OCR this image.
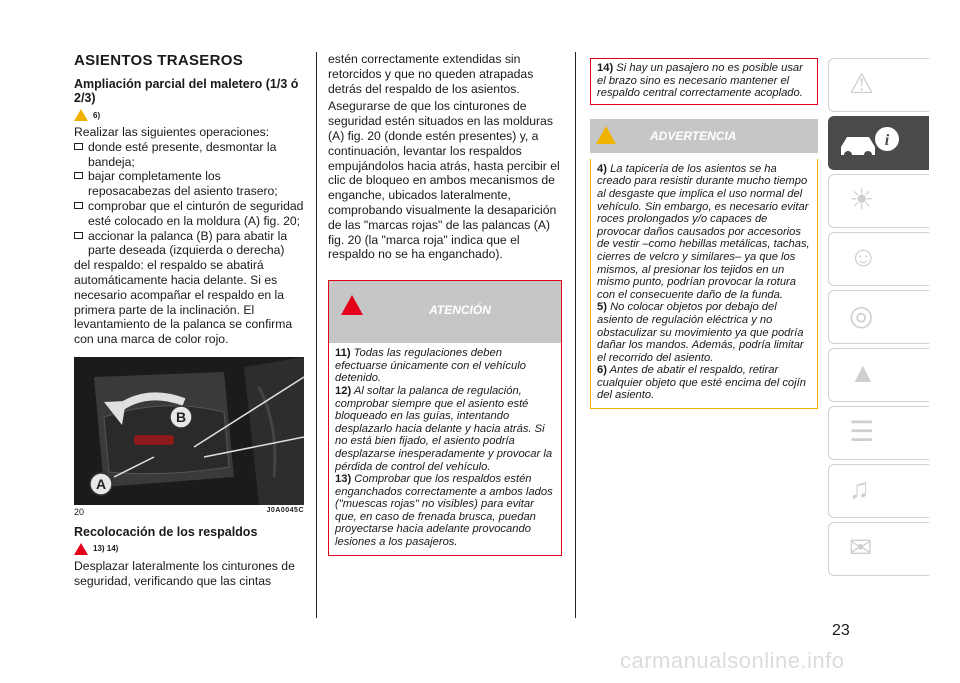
ASIENTOS TRASEROS
Ampliación parcial del maletero (1/3 ó 2/3)
6)

Realizar las siguientes operaciones:

donde esté presente, desmontar la bandeja;
bajar completamente los reposacabezas del asiento trasero;
comprobar que el cinturón de seguridad esté colocado en la moldura (A) fig. 20;
accionar la palanca (B) para abatir la parte deseada (izquierda o derecha)

del respaldo: el respaldo se abatirá automáticamente hacia delante. Si es necesario acompañar el respaldo en la primera parte de la inclinación. El levantamiento de la palanca se confirma con una marca de color rojo.

B
A
20	J0A0045C
Recolocación de los respaldos
13) 14)

Desplazar lateralmente los cinturones de seguridad, verificando que las cintas

estén correctamente extendidas sin retorcidos y que no queden atrapadas detrás del respaldo de los asientos.

Asegurarse de que los cinturones de seguridad estén situados en las molduras (A) fig. 20 (donde estén presentes) y, a continuación, levantar los respaldos empujándolos hacia atrás, hasta percibir el clic de bloqueo en ambos mecanismos de enganche, ubicados lateralmente, comprobando visualmente la desaparición de las "marcas rojas" de las palancas (A) fig. 20 (la "marca roja" indica que el respaldo no se ha enganchado).

ATENCIÓN

11) Todas las regulaciones deben efectuarse únicamente con el vehículo detenido.

12) Al soltar la palanca de regulación, comprobar siempre que el asiento esté bloqueado en las guías, intentando desplazarlo hacia delante y hacia atrás. Si no está bien fijado, el asiento podría desplazarse inesperadamente y provocar la pérdida de control del vehículo.

13) Comprobar que los respaldos estén enganchados correctamente a ambos lados ("muescas rojas" no visibles) para evitar que, en caso de frenada brusca, puedan proyectarse hacia adelante provocando lesiones a los pasajeros.

14) Si hay un pasajero no es posible usar el brazo sino es necesario mantener el respaldo central correctamente acoplado.

ADVERTENCIA

4) La tapicería de los asientos se ha creado para resistir durante mucho tiempo al desgaste que implica el uso normal del vehículo. Sin embargo, es necesario evitar roces prolongados y/o capaces de provocar daños causados por accesorios de vestir –como hebillas metálicas, tachas, cierres de velcro y similares– ya que los mismos, al presionar los tejidos en un mismo punto, podrían provocar la rotura con el consecuente daño de la funda.

5) No colocar objetos por debajo del asiento de regulación eléctrica y no obstaculizar su movimiento ya que podría dañar los mandos. Además, podría limitar el recorrido del asiento.

6) Antes de abatir el respaldo, retirar cualquier objeto que esté encima del cojín del asiento.

⚠
i
☀
☺
◎
▲
☰
♫
✉
23
carmanualsonline.info
